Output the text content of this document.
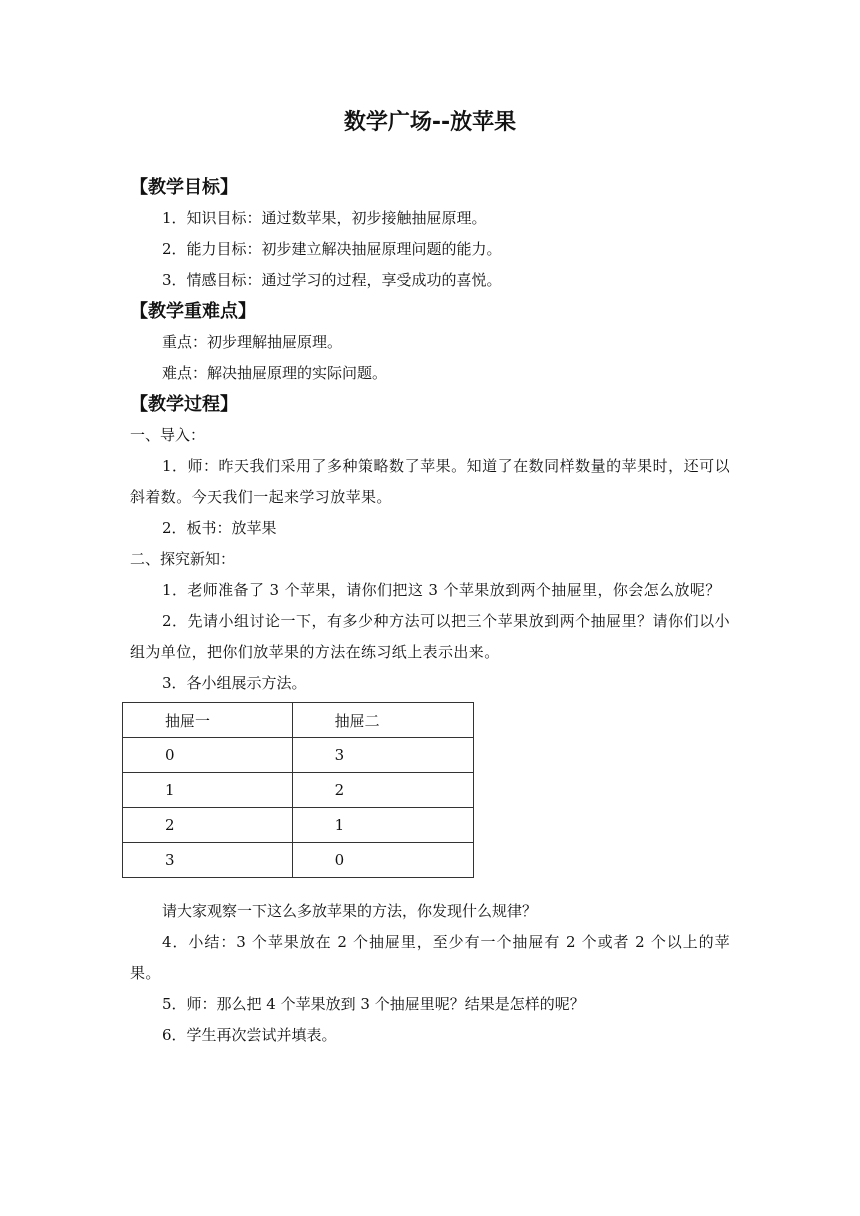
数学广场--放苹果
【教学目标】
1．知识目标：通过数苹果，初步接触抽屉原理。
2．能力目标：初步建立解决抽屉原理问题的能力。
3．情感目标：通过学习的过程，享受成功的喜悦。
【教学重难点】
重点：初步理解抽屉原理。
难点：解决抽屉原理的实际问题。
【教学过程】
一、导入：
1．师：昨天我们采用了多种策略数了苹果。知道了在数同样数量的苹果时，还可以斜着数。今天我们一起来学习放苹果。
2．板书：放苹果
二、探究新知：
1．老师准备了 3 个苹果，请你们把这 3 个苹果放到两个抽屉里，你会怎么放呢？
2．先请小组讨论一下，有多少种方法可以把三个苹果放到两个抽屉里？请你们以小组为单位，把你们放苹果的方法在练习纸上表示出来。
3．各小组展示方法。
抽屉一	抽屉二
0	3
1	2
2	1
3	0
请大家观察一下这么多放苹果的方法，你发现什么规律？
4．小结：3 个苹果放在 2 个抽屉里，至少有一个抽屉有 2 个或者 2 个以上的苹果。
5．师：那么把 4 个苹果放到 3 个抽屉里呢？结果是怎样的呢？
6．学生再次尝试并填表。
